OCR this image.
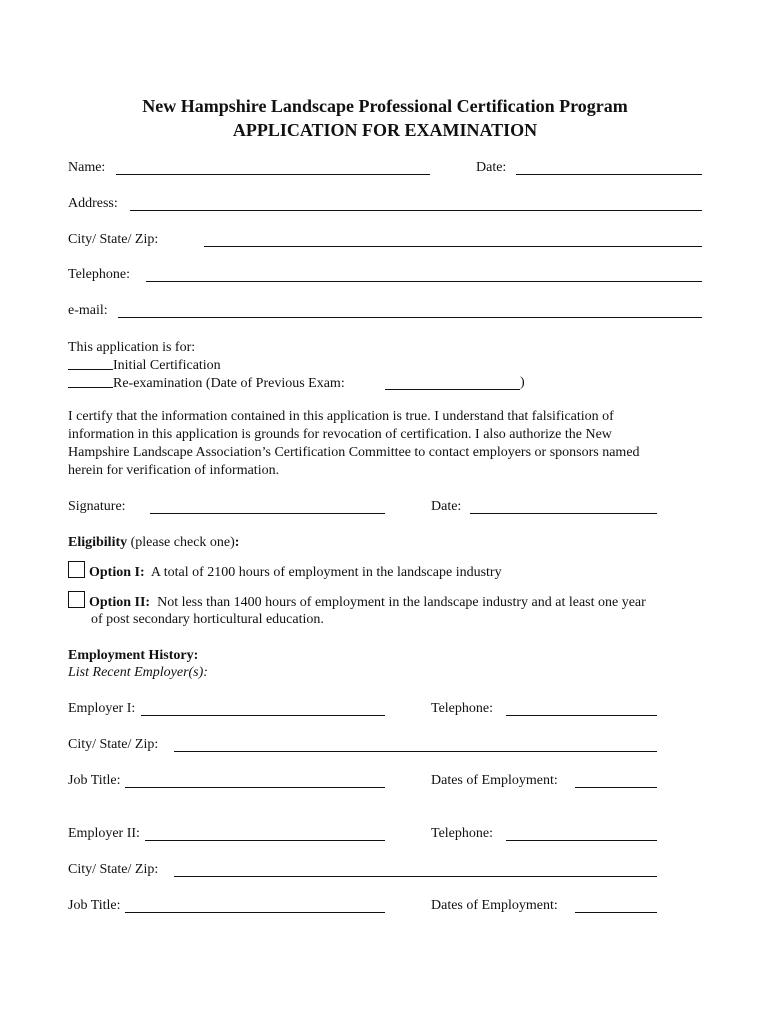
New Hampshire Landscape Professional Certification Program
APPLICATION FOR EXAMINATION
Name:	Date:
Address:
City/ State/ Zip:
Telephone:
e-mail:
This application is for:
Initial Certification
Re-examination (Date of Previous Exam:	)
I certify that the information contained in this application is true. I understand that falsification of
information in this application is grounds for revocation of certification. I also authorize the New
Hampshire Landscape Association’s Certification Committee to contact employers or sponsors named
herein for verification of information.
Signature:	Date:
Eligibility (please check one):
Option I: A total of 2100 hours of employment in the landscape industry
Option II: Not less than 1400 hours of employment in the landscape industry and at least one year
of post secondary horticultural education.
Employment History:
List Recent Employer(s):
Employer I:	Telephone:
City/ State/ Zip:
Job Title:	Dates of Employment:
Employer II:	Telephone:
City/ State/ Zip:
Job Title:	Dates of Employment:
